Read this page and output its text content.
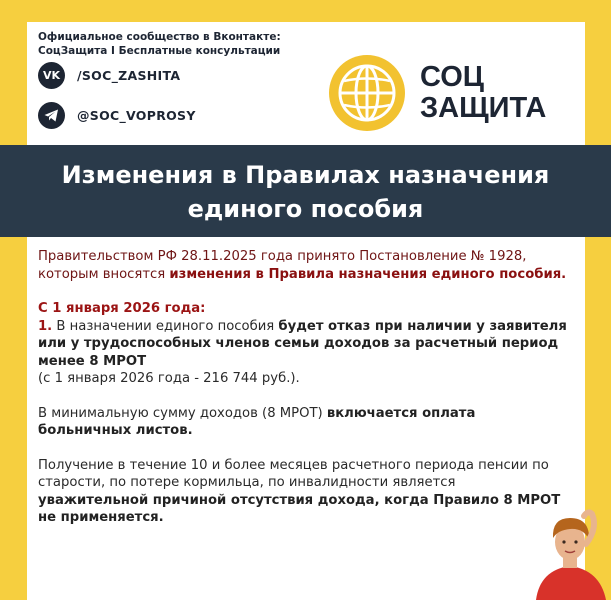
Официальное сообщество в Вконтакте:
СоцЗащита I Бесплатные консультации
VK	/SOC_ZASHITA
@SOC_VOPROSY
СОЦ
ЗАЩИТА
Изменения в Правилах назначения
единого пособия
Правительством РФ 28.11.2025 года принято Постановление № 1928, которым вносятся изменения в Правила назначения единого пособия.
С 1 января 2026 года:
1. В назначении единого пособия будет отказ при наличии у заявителя или у трудоспособных членов семьи доходов за расчетный период менее 8 МРОТ
(с 1 января 2026 года - 216 744 руб.).
В минимальную сумму доходов (8 МРОТ) включается оплата больничных листов.
Получение в течение 10 и более месяцев расчетного периода пенсии по старости, по потере кормильца, по инвалидности является уважительной причиной отсутствия дохода, когда Правило 8 МРОТ не применяется.
